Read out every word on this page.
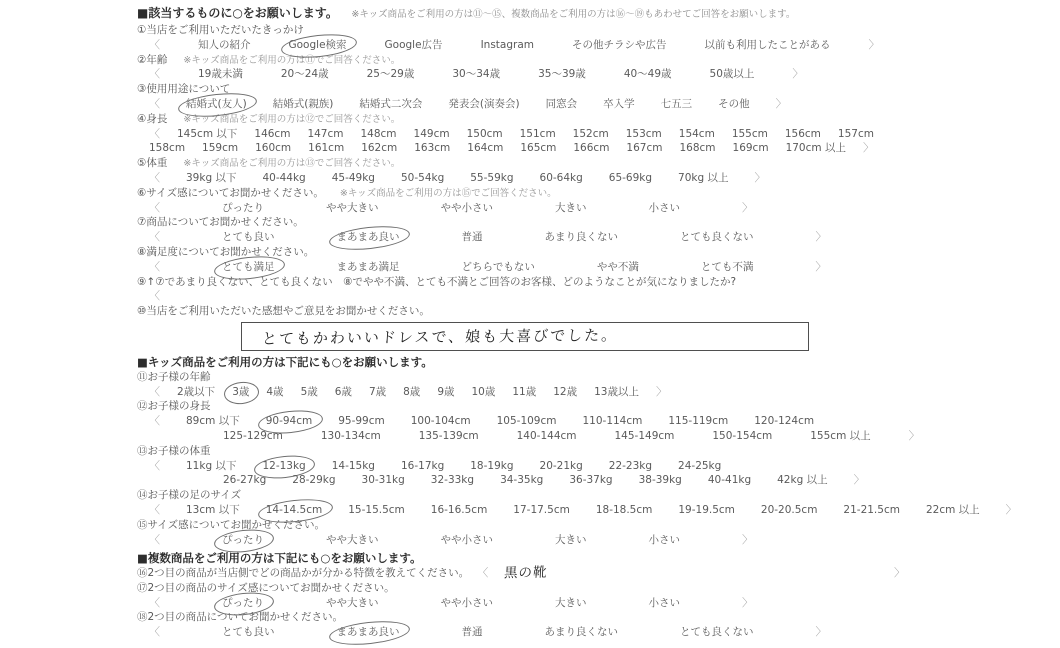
■該当するものに○をお願いします。 ※キッズ商品をご利用の方は⑪〜⑮、複数商品をご利用の方は⑯〜⑲もあわせてご回答をお願いします。
①当店をご利用いただいたきっかけ
〈	知人の紹介	Google検索	Google広告	Instagram	その他チラシや広告	以前も利用したことがある	〉
②年齢 ※キッズ商品をご利用の方は⑪でご回答ください。
〈	19歳未満	20〜24歳	25〜29歳	30〜34歳	35〜39歳	40〜49歳	50歳以上	〉
③使用用途について
〈 結婚式(友人) 結婚式(親族) 結婚式二次会 発表会(演奏会) 同窓会 卒入学 七五三 その他 〉
④身長 ※キッズ商品をご利用の方は⑫でご回答ください。
〈 145cm 以下 146cm 147cm 148cm 149cm 150cm 151cm 152cm 153cm 154cm 155cm 156cm 157cm
158cm 159cm 160cm 161cm 162cm 163cm 164cm 165cm 166cm 167cm 168cm 169cm 170cm 以上 〉
⑤体重 ※キッズ商品をご利用の方は⑬でご回答ください。
〈 39kg 以下 40-44kg 45-49kg 50-54kg 55-59kg 60-64kg 65-69kg 70kg 以上 〉
⑥サイズ感についてお聞かせください。 ※キッズ商品をご利用の方は⑮でご回答ください。
〈	ぴったり	やや大きい	やや小さい	大きい	小さい	〉
⑦商品についてお聞かせください。
〈	とても良い	まあまあ良い	普通	あまり良くない	とても良くない	〉
⑧満足度についてお聞かせください。
〈	とても満足	まあまあ満足	どちらでもない	やや不満	とても不満	〉
⑨↑⑦であまり良くない、とても良くない　⑧でやや不満、とても不満とご回答のお客様、どのようなことが気になりましたか?
〈
⑩当店をご利用いただいた感想やご意見をお聞かせください。
とてもかわいいドレスで、娘も大喜びでした。
■キッズ商品をご利用の方は下記にも○をお願いします。
⑪お子様の年齢
〈 2歳以下 3歳 4歳 5歳 6歳 7歳 8歳 9歳 10歳 11歳 12歳 13歳以上 〉
⑫お子様の身長
〈 89cm 以下 90-94cm 95-99cm 100-104cm 105-109cm 110-114cm 115-119cm 120-124cm
125-129cm	130-134cm	135-139cm	140-144cm	145-149cm	150-154cm	155cm 以上	〉
⑬お子様の体重
〈 11kg 以下 12-13kg 14-15kg 16-17kg 18-19kg 20-21kg 22-23kg 24-25kg
26-27kg 28-29kg 30-31kg 32-33kg 34-35kg 36-37kg 38-39kg 40-41kg 42kg 以上 〉
⑭お子様の足のサイズ
〈 13cm 以下 14-14.5cm 15-15.5cm 16-16.5cm 17-17.5cm 18-18.5cm 19-19.5cm 20-20.5cm 21-21.5cm 22cm 以上 〉
⑮サイズ感についてお聞かせください。
〈	ぴったり	やや大きい	やや小さい	大きい	小さい	〉
■複数商品をご利用の方は下記にも○をお願いします。
⑯2つ目の商品が当店側でどの商品かが分かる特徴を教えてください。 〈 黒の靴	〉
⑰2つ目の商品のサイズ感についてお聞かせください。
〈	ぴったり	やや大きい	やや小さい	大きい	小さい	〉
⑱2つ目の商品についてお聞かせください。
〈	とても良い	まあまあ良い	普通	あまり良くない	とても良くない	〉
